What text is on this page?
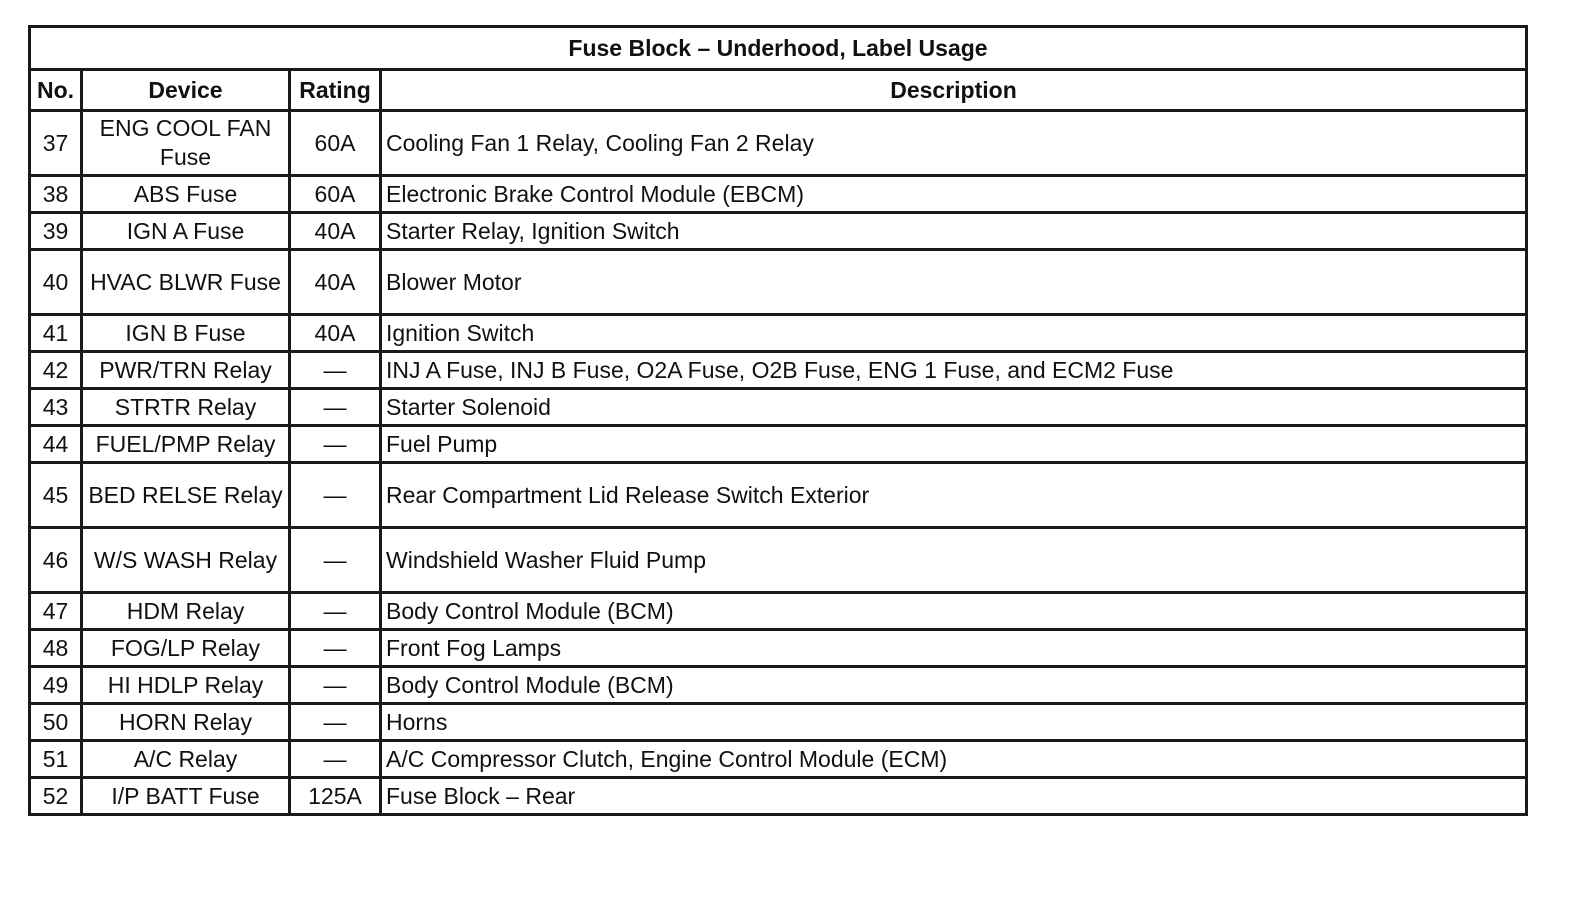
Fuse Block – Underhood, Label Usage			
No.	Device	Rating	Description
37	ENG COOL FAN Fuse	60A	Cooling Fan 1 Relay, Cooling Fan 2 Relay
38	ABS Fuse	60A	Electronic Brake Control Module (EBCM)
39	IGN A Fuse	40A	Starter Relay, Ignition Switch
40	HVAC BLWR Fuse	40A	Blower Motor
41	IGN B Fuse	40A	Ignition Switch
42	PWR/TRN Relay	—	INJ A Fuse, INJ B Fuse, O2A Fuse, O2B Fuse, ENG 1 Fuse, and ECM2 Fuse
43	STRTR Relay	—	Starter Solenoid
44	FUEL/PMP Relay	—	Fuel Pump
45	BED RELSE Relay	—	Rear Compartment Lid Release Switch Exterior
46	W/S WASH Relay	—	Windshield Washer Fluid Pump
47	HDM Relay	—	Body Control Module (BCM)
48	FOG/LP Relay	—	Front Fog Lamps
49	HI HDLP Relay	—	Body Control Module (BCM)
50	HORN Relay	—	Horns
51	A/C Relay	—	A/C Compressor Clutch, Engine Control Module (ECM)
52	I/P BATT Fuse	125A	Fuse Block – Rear
